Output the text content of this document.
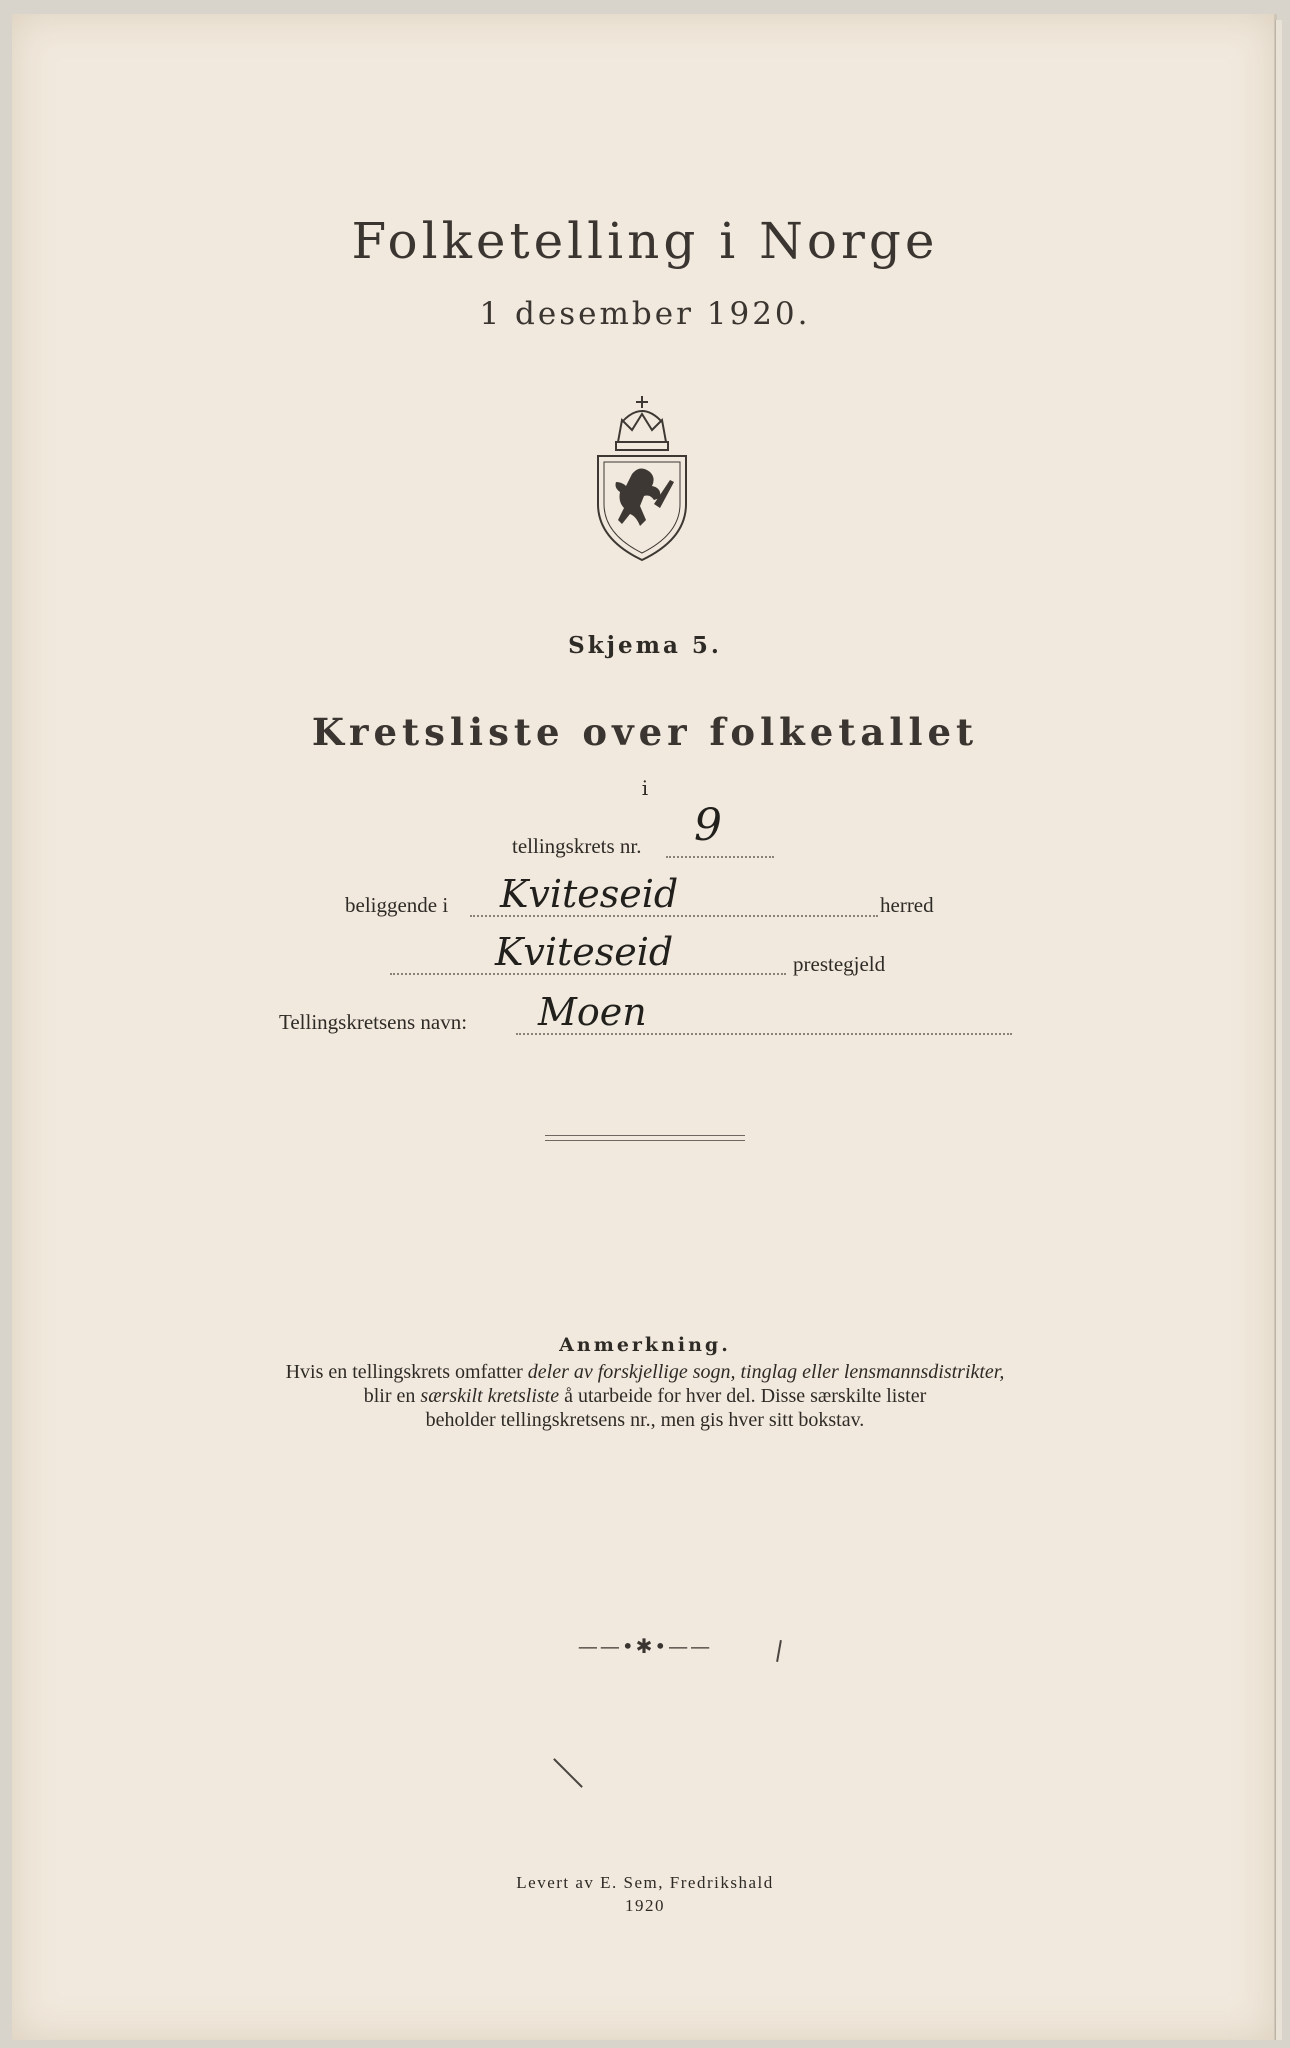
Folketelling i Norge
1 desember 1920.
Skjema 5.
Kretsliste over folketallet
i
tellingskrets nr. 9
beliggende i Kviteseid	herred
Kviteseid	prestegjeld
Tellingskretsens navn: Moen
Anmerkning.
Hvis en tellingskrets omfatter deler av forskjellige sogn, tinglag eller lensmannsdistrikter,
blir en særskilt kretsliste å utarbeide for hver del. Disse særskilte lister
beholder tellingskretsens nr., men gis hver sitt bokstav.
——•✱•——
Levert av E. Sem, Fredrikshald
1920
